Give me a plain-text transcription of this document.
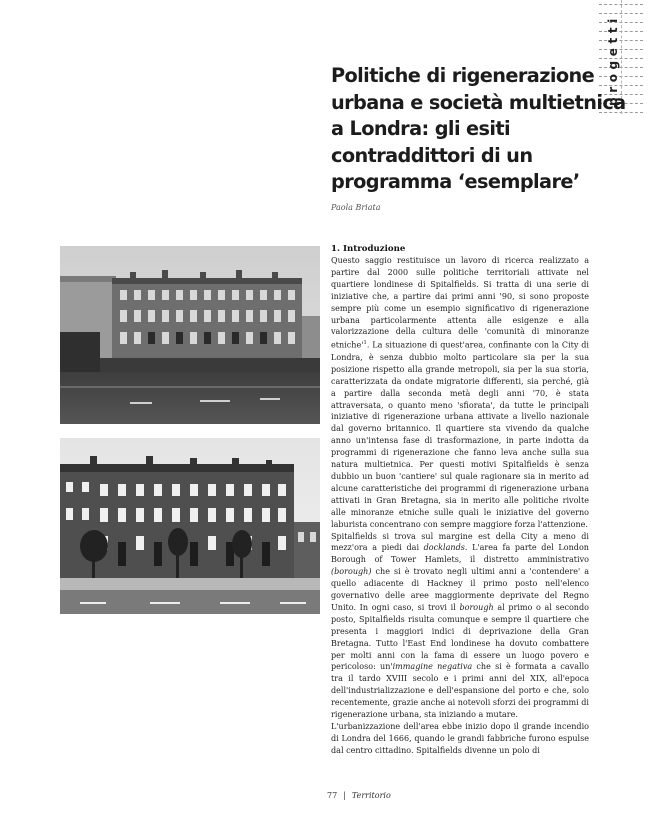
progetti
Politiche di rigenerazione urbana e società multietnica a Londra: gli esiti contraddittori di un programma ‘esemplare’
Paola Briata
1. Introduzione

Questo saggio restituisce un lavoro di ricerca realizzato a partire dal 2000 sulle politiche territoriali attivate nel quartiere londinese di Spitalfields. Si tratta di una serie di iniziative che, a partire dai primi anni '90, si sono proposte sempre più come un esempio significativo di rigenerazione urbana particolarmente attenta alle esigenze e alla valorizzazione della cultura delle 'comunità di minoranze $etniche'^1$. La situazione di quest'area, confinante con la City di Londra, è senza dubbio molto particolare sia per la sua posizione rispetto alla grande metropoli, sia per la sua storia, caratterizzata da ondate migratorie differenti, sia perché, già a partire dalla seconda metà degli anni '70, è stata attraversata, o quanto meno 'sfiorata', da tutte le principali iniziative di rigenerazione urbana attivate a livello nazionale dal governo britannico. Il quartiere sta vivendo da qualche anno un'intensa fase di trasformazione, in parte indotta da programmi di rigenerazione che fanno leva anche sulla sua natura multietnica. Per questi motivi Spitalfields è senza dubbio un buon 'cantiere' sul quale ragionare sia in merito ad alcune caratteristiche dei programmi di rigenerazione urbana attivati in Gran Bretagna, sia in merito alle politiche rivolte alle minoranze etniche sulle quali le iniziative del governo laburista concentrano con sempre maggiore forza l'attenzione.

Spitalfields si trova sul margine est della City a meno di mezz'ora a piedi dai docklands. L'area fa parte del London Borough of Tower Hamlets, il distretto amministrativo (borough) che si è trovato negli ultimi anni a 'contendere' a quello adiacente di Hackney il primo posto nell'elenco governativo delle aree maggiormente deprivate del Regno Unito. In ogni caso, si trovi il borough al primo o al secondo posto, Spitalfields risulta comunque e sempre il quartiere che presenta i maggiori indici di deprivazione della Gran Bretagna. Tutto l'East End londinese ha dovuto combattere per molti anni con la fama di essere un luogo povero e pericoloso: un'immagine negativa che si è formata a cavallo tra il tardo XVIII secolo e i primi anni del XIX, all'epoca dell'industrializzazione e dell'espansione del porto e che, solo recentemente, grazie anche ai notevoli sforzi dei programmi di rigenerazione urbana, sta iniziando a mutare.

L'urbanizzazione dell'area ebbe inizio dopo il grande incendio di Londra del 1666, quando le grandi fabbriche furono espulse dal centro cittadino. Spitalfields divenne un polo di

77 | Territorio
